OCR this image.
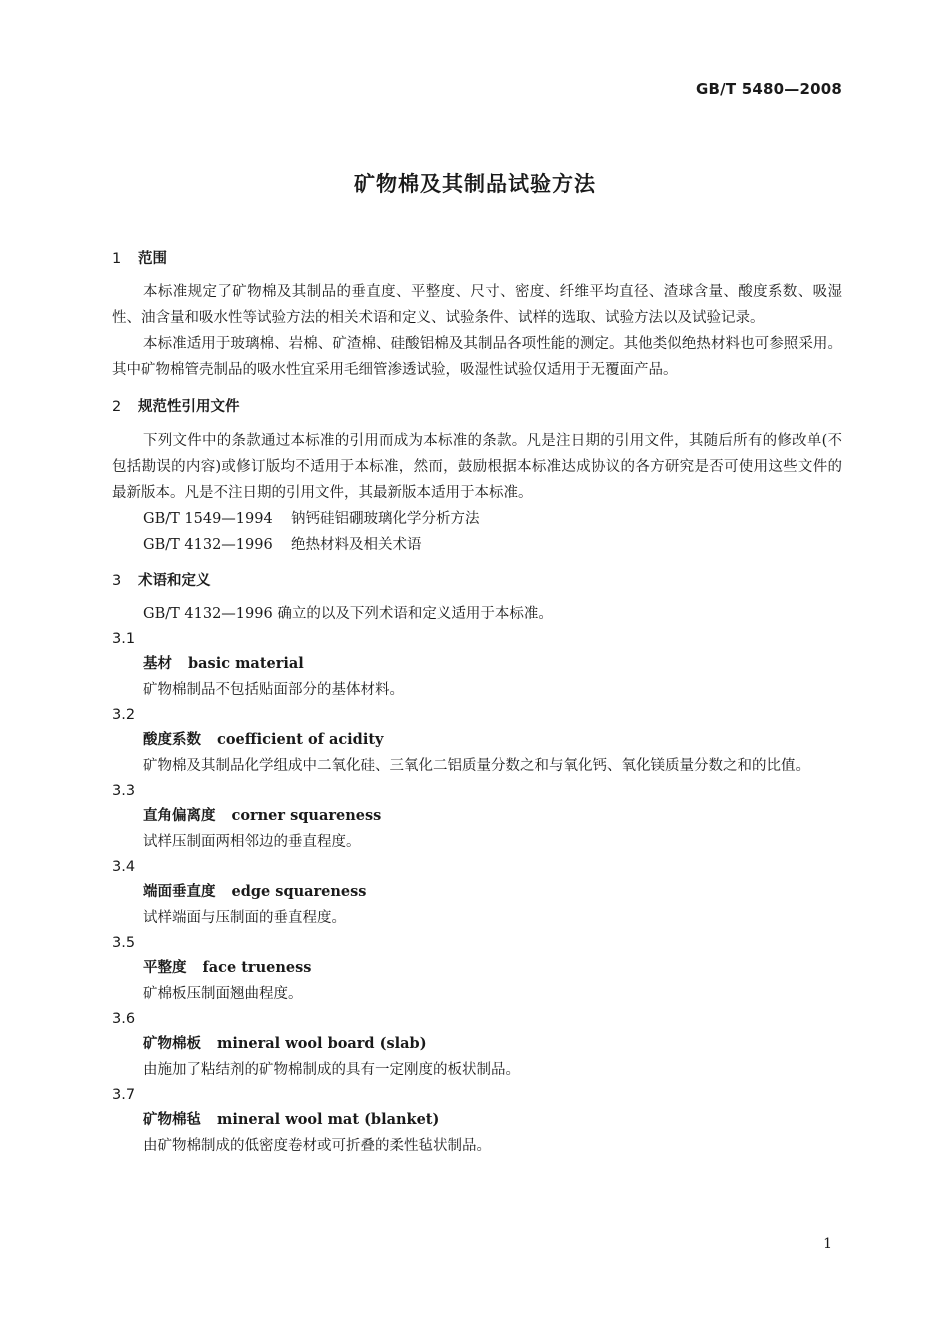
GB/T 5480—2008
矿物棉及其制品试验方法
1 范围

本标准规定了矿物棉及其制品的垂直度、平整度、尺寸、密度、纤维平均直径、渣球含量、酸度系数、吸湿性、油含量和吸水性等试验方法的相关术语和定义、试验条件、试样的选取、试验方法以及试验记录。

本标准适用于玻璃棉、岩棉、矿渣棉、硅酸铝棉及其制品各项性能的测定。其他类似绝热材料也可参照采用。其中矿物棉管壳制品的吸水性宜采用毛细管渗透试验，吸湿性试验仅适用于无覆面产品。

2 规范性引用文件

下列文件中的条款通过本标准的引用而成为本标准的条款。凡是注日期的引用文件，其随后所有的修改单(不包括勘误的内容)或修订版均不适用于本标准，然而，鼓励根据本标准达成协议的各方研究是否可使用这些文件的最新版本。凡是不注日期的引用文件，其最新版本适用于本标准。

GB/T 1549—1994 钠钙硅铝硼玻璃化学分析方法
GB/T 4132—1996 绝热材料及相关术语
3 术语和定义

GB/T 4132—1996 确立的以及下列术语和定义适用于本标准。

3.1
基材 basic material

矿物棉制品不包括贴面部分的基体材料。

3.2
酸度系数 coefficient of acidity

矿物棉及其制品化学组成中二氧化硅、三氧化二铝质量分数之和与氧化钙、氧化镁质量分数之和的比值。

3.3
直角偏离度 corner squareness

试样压制面两相邻边的垂直程度。

3.4
端面垂直度 edge squareness

试样端面与压制面的垂直程度。

3.5
平整度 face trueness

矿棉板压制面翘曲程度。

3.6
矿物棉板 mineral wool board (slab)

由施加了粘结剂的矿物棉制成的具有一定刚度的板状制品。

3.7
矿物棉毡 mineral wool mat (blanket)

由矿物棉制成的低密度卷材或可折叠的柔性毡状制品。

1
